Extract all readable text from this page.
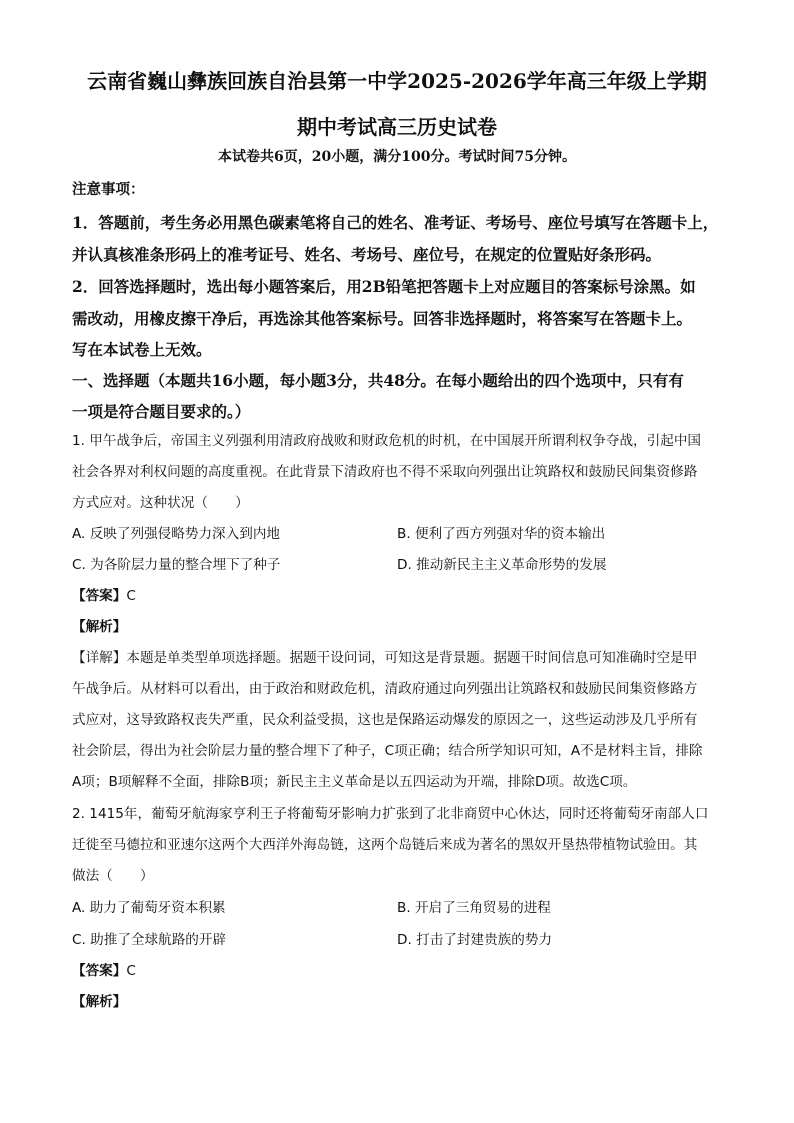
云南省巍山彝族回族自治县第一中学2025-2026学年高三年级上学期
期中考试高三历史试卷
本试卷共6页，20小题，满分100分。考试时间75分钟。
注意事项：
1．答题前，考生务必用黑色碳素笔将自己的姓名、准考证、考场号、座位号填写在答题卡上，
并认真核准条形码上的准考证号、姓名、考场号、座位号，在规定的位置贴好条形码。
2．回答选择题时，选出每小题答案后，用2B铅笔把答题卡上对应题目的答案标号涂黑。如
需改动，用橡皮擦干净后，再选涂其他答案标号。回答非选择题时，将答案写在答题卡上。
写在本试卷上无效。
一、选择题（本题共16小题，每小题3分，共48分。在每小题给出的四个选项中，只有有
一项是符合题目要求的。）
1. 甲午战争后，帝国主义列强利用清政府战败和财政危机的时机，在中国展开所谓利权争夺战，引起中国
社会各界对利权问题的高度重视。在此背景下清政府也不得不采取向列强出让筑路权和鼓励民间集资修路
方式应对。这种状况（　　）
A. 反映了列强侵略势力深入到内地	B. 便利了西方列强对华的资本输出
C. 为各阶层力量的整合埋下了种子	D. 推动新民主主义革命形势的发展
【答案】C
【解析】
【详解】本题是单类型单项选择题。据题干设问词，可知这是背景题。据题干时间信息可知准确时空是甲
午战争后。从材料可以看出，由于政治和财政危机，清政府通过向列强出让筑路权和鼓励民间集资修路方
式应对，这导致路权丧失严重，民众利益受损，这也是保路运动爆发的原因之一，这些运动涉及几乎所有
社会阶层，得出为社会阶层力量的整合埋下了种子，C项正确；结合所学知识可知，A不是材料主旨，排除
A项；B项解释不全面，排除B项；新民主主义革命是以五四运动为开端，排除D项。故选C项。
2. 1415年，葡萄牙航海家亨利王子将葡萄牙影响力扩张到了北非商贸中心休达，同时还将葡萄牙南部人口
迁徙至马德拉和亚速尔这两个大西洋外海岛链，这两个岛链后来成为著名的黑奴开垦热带植物试验田。其
做法（　　）
A. 助力了葡萄牙资本积累	B. 开启了三角贸易的进程
C. 助推了全球航路的开辟	D. 打击了封建贵族的势力
【答案】C
【解析】
